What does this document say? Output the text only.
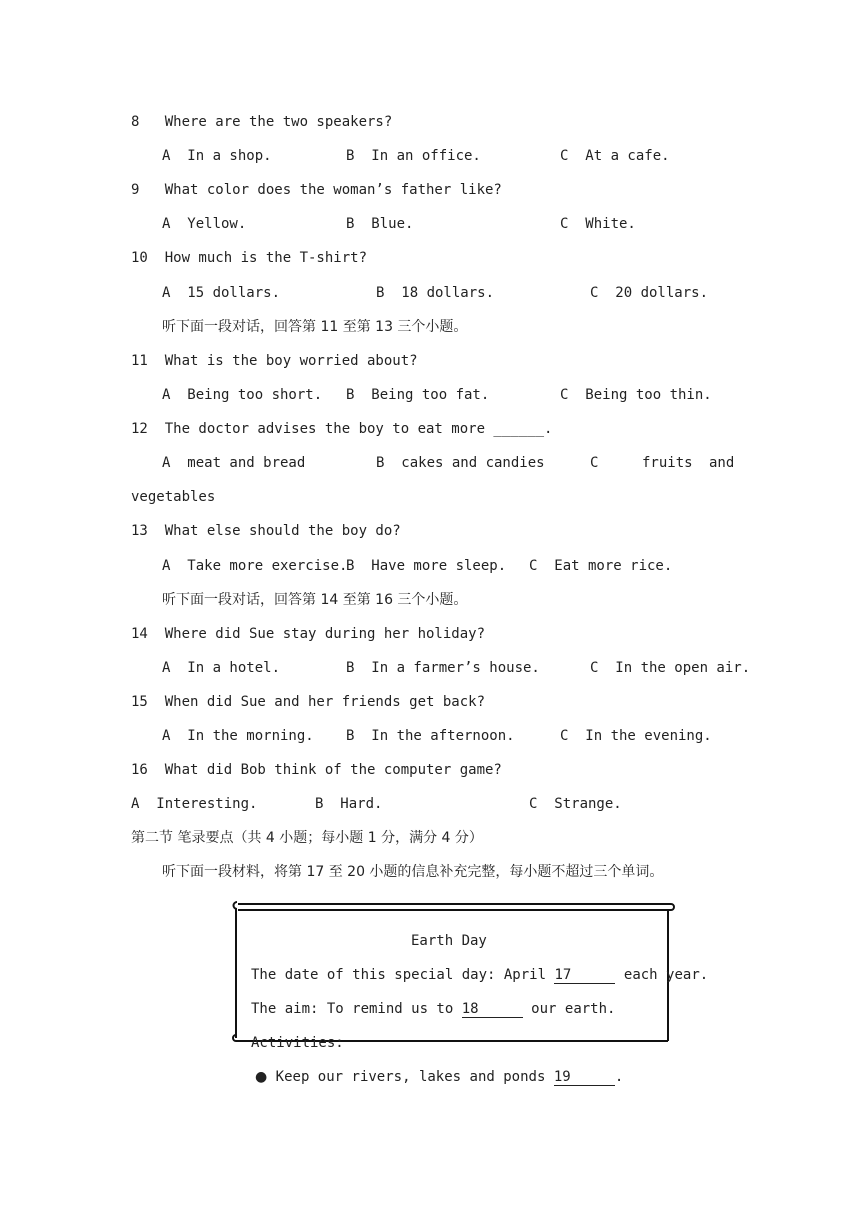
8   Where are the two speakers?
A  In a shop.	B  In an office.	C  At a cafe.
9   What color does the woman’s father like?
A  Yellow.	B  Blue.	C  White.
10  How much is the T-shirt?
A  15 dollars.	B  18 dollars.	C  20 dollars.
听下面一段对话，回答第 11 至第 13 三个小题。
11  What is the boy worried about?
A  Being too short. B  Being too fat.	C  Being too thin.
12  The doctor advises the boy to eat more ______.
A  meat and bread	B  cakes and candies	C	fruits and
vegetables
13  What else should the boy do?
A  Take more exercise.
B  Have more sleep. C  Eat more rice.
听下面一段对话，回答第 14 至第 16 三个小题。
14  Where did Sue stay during her holiday?
A  In a hotel.	B  In a farmer’s house.	C  In the open air.
15  When did Sue and her friends get back?
A  In the morning. B  In the afternoon.	C  In the evening.
16  What did Bob think of the computer game?
A  Interesting.	B  Hard.	C  Strange.
第二节 笔录要点（共 4 小题；每小题 1 分，满分 4 分）
听下面一段材料，将第 17 至 20 小题的信息补充完整，每小题不超过三个单词。
Earth Day
The date of this special day: April 17	each year.
The aim: To remind us to 18	our earth.
Activities:
● Keep our rivers, lakes and ponds 19	.
